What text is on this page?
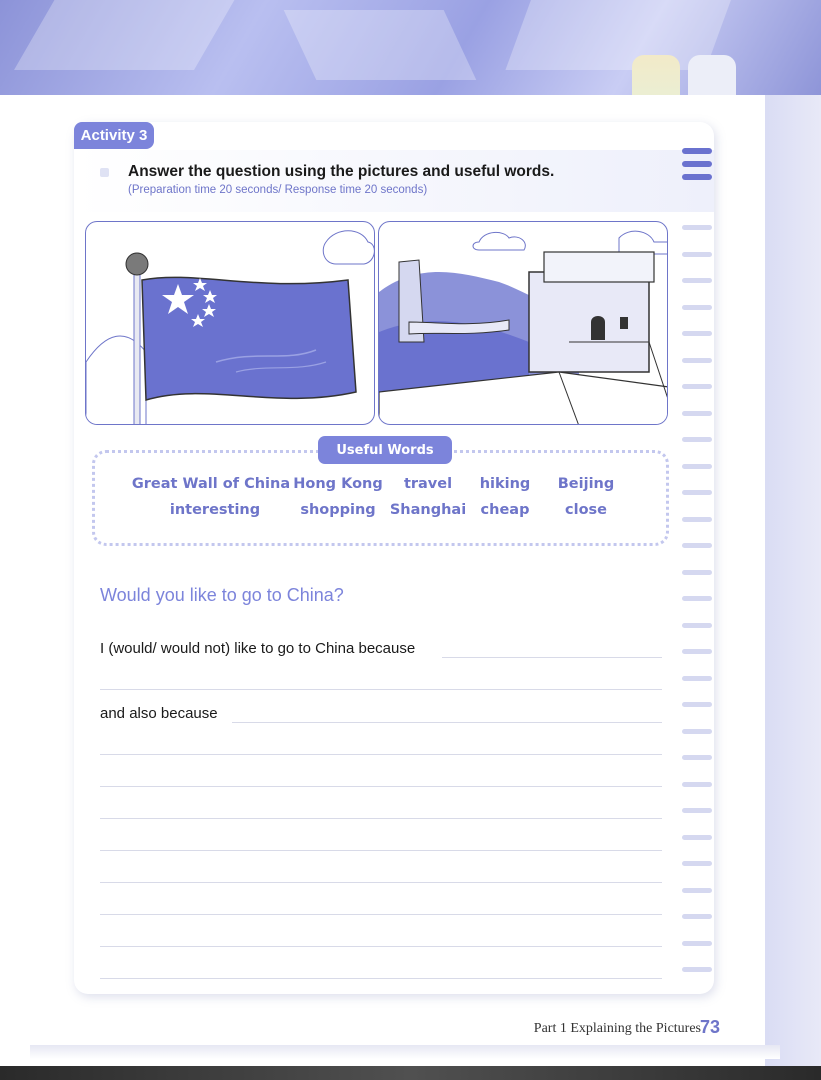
Activity 3
Answer the question using the pictures and useful words.
(Preparation time 20 seconds/ Response time 20 seconds)
Useful Words
Great Wall of China Hong Kong travel hiking Beijing
interesting	shopping Shanghai cheap close
Would you like to go to China?
I (would/ would not) like to go to China because
and also because
Part 1 Explaining the Pictures
73
